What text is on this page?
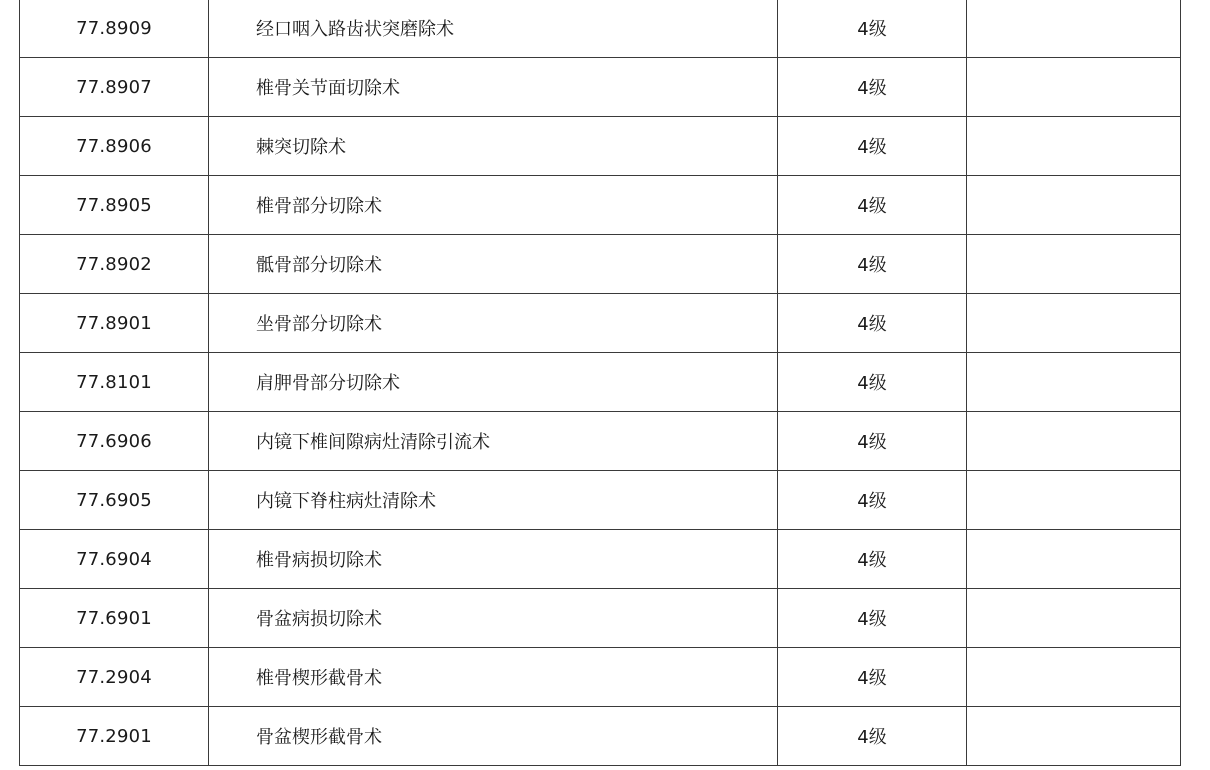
77.8909	经口咽入路齿状突磨除术	4级	
77.8907	椎骨关节面切除术	4级	
77.8906	棘突切除术	4级	
77.8905	椎骨部分切除术	4级	
77.8902	骶骨部分切除术	4级	
77.8901	坐骨部分切除术	4级	
77.8101	肩胛骨部分切除术	4级	
77.6906	内镜下椎间隙病灶清除引流术	4级	
77.6905	内镜下脊柱病灶清除术	4级	
77.6904	椎骨病损切除术	4级	
77.6901	骨盆病损切除术	4级	
77.2904	椎骨楔形截骨术	4级	
77.2901	骨盆楔形截骨术	4级	
